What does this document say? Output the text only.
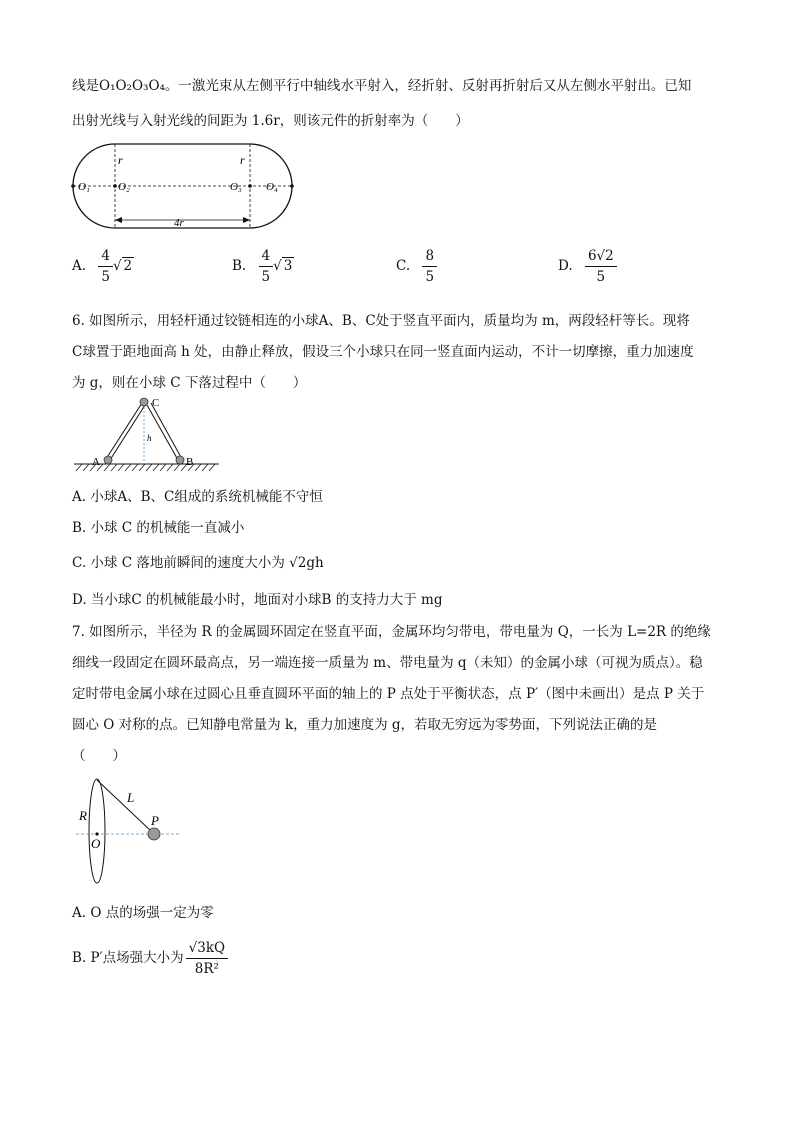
线是O₁O₂O₃O₄。一激光束从左侧平行中轴线水平射入，经折射、反射再折射后又从左侧水平射出。已知
出射光线与入射光线的间距为 1.6r，则该元件的折射率为（　　）
r	r
O₁	O₂	O₃ O₄
4r
A. $\frac{4}{5}$ √ 2	B. $\frac{4}{5}$ √ 3	C. $\frac{8}{5}$	D. $\frac{6√2}{5}$
6. 如图所示，用轻杆通过铰链相连的小球A、B、C处于竖直平面内，质量均为 m，两段轻杆等长。现将
C球置于距地面高 h 处，由静止释放，假设三个小球只在同一竖直面内运动，不计一切摩擦，重力加速度
为 g，则在小球 C 下落过程中（　　）
A	B
C
h
A. 小球A、B、C组成的系统机械能不守恒
B. 小球 C 的机械能一直减小
C. 小球 C 落地前瞬间的速度大小为 √2gh
D. 当小球C 的机械能最小时，地面对小球B 的支持力大于 mg
7. 如图所示，半径为 R 的金属圆环固定在竖直平面，金属环均匀带电，带电量为 Q，一长为 L=2R 的绝缘
细线一段固定在圆环最高点，另一端连接一质量为 m、带电量为 q（未知）的金属小球（可视为质点）。稳
定时带电金属小球在过圆心且垂直圆环平面的轴上的 P 点处于平衡状态，点 P′（图中未画出）是点 P 关于
圆心 O 对称的点。已知静电常量为 k，重力加速度为 g，若取无穷远为零势面，下列说法正确的是
（　　）
R
L
O
P
A. O 点的场强一定为零
B. P′点场强大小为 $\frac{√3kQ}{\text{8R²}}$
